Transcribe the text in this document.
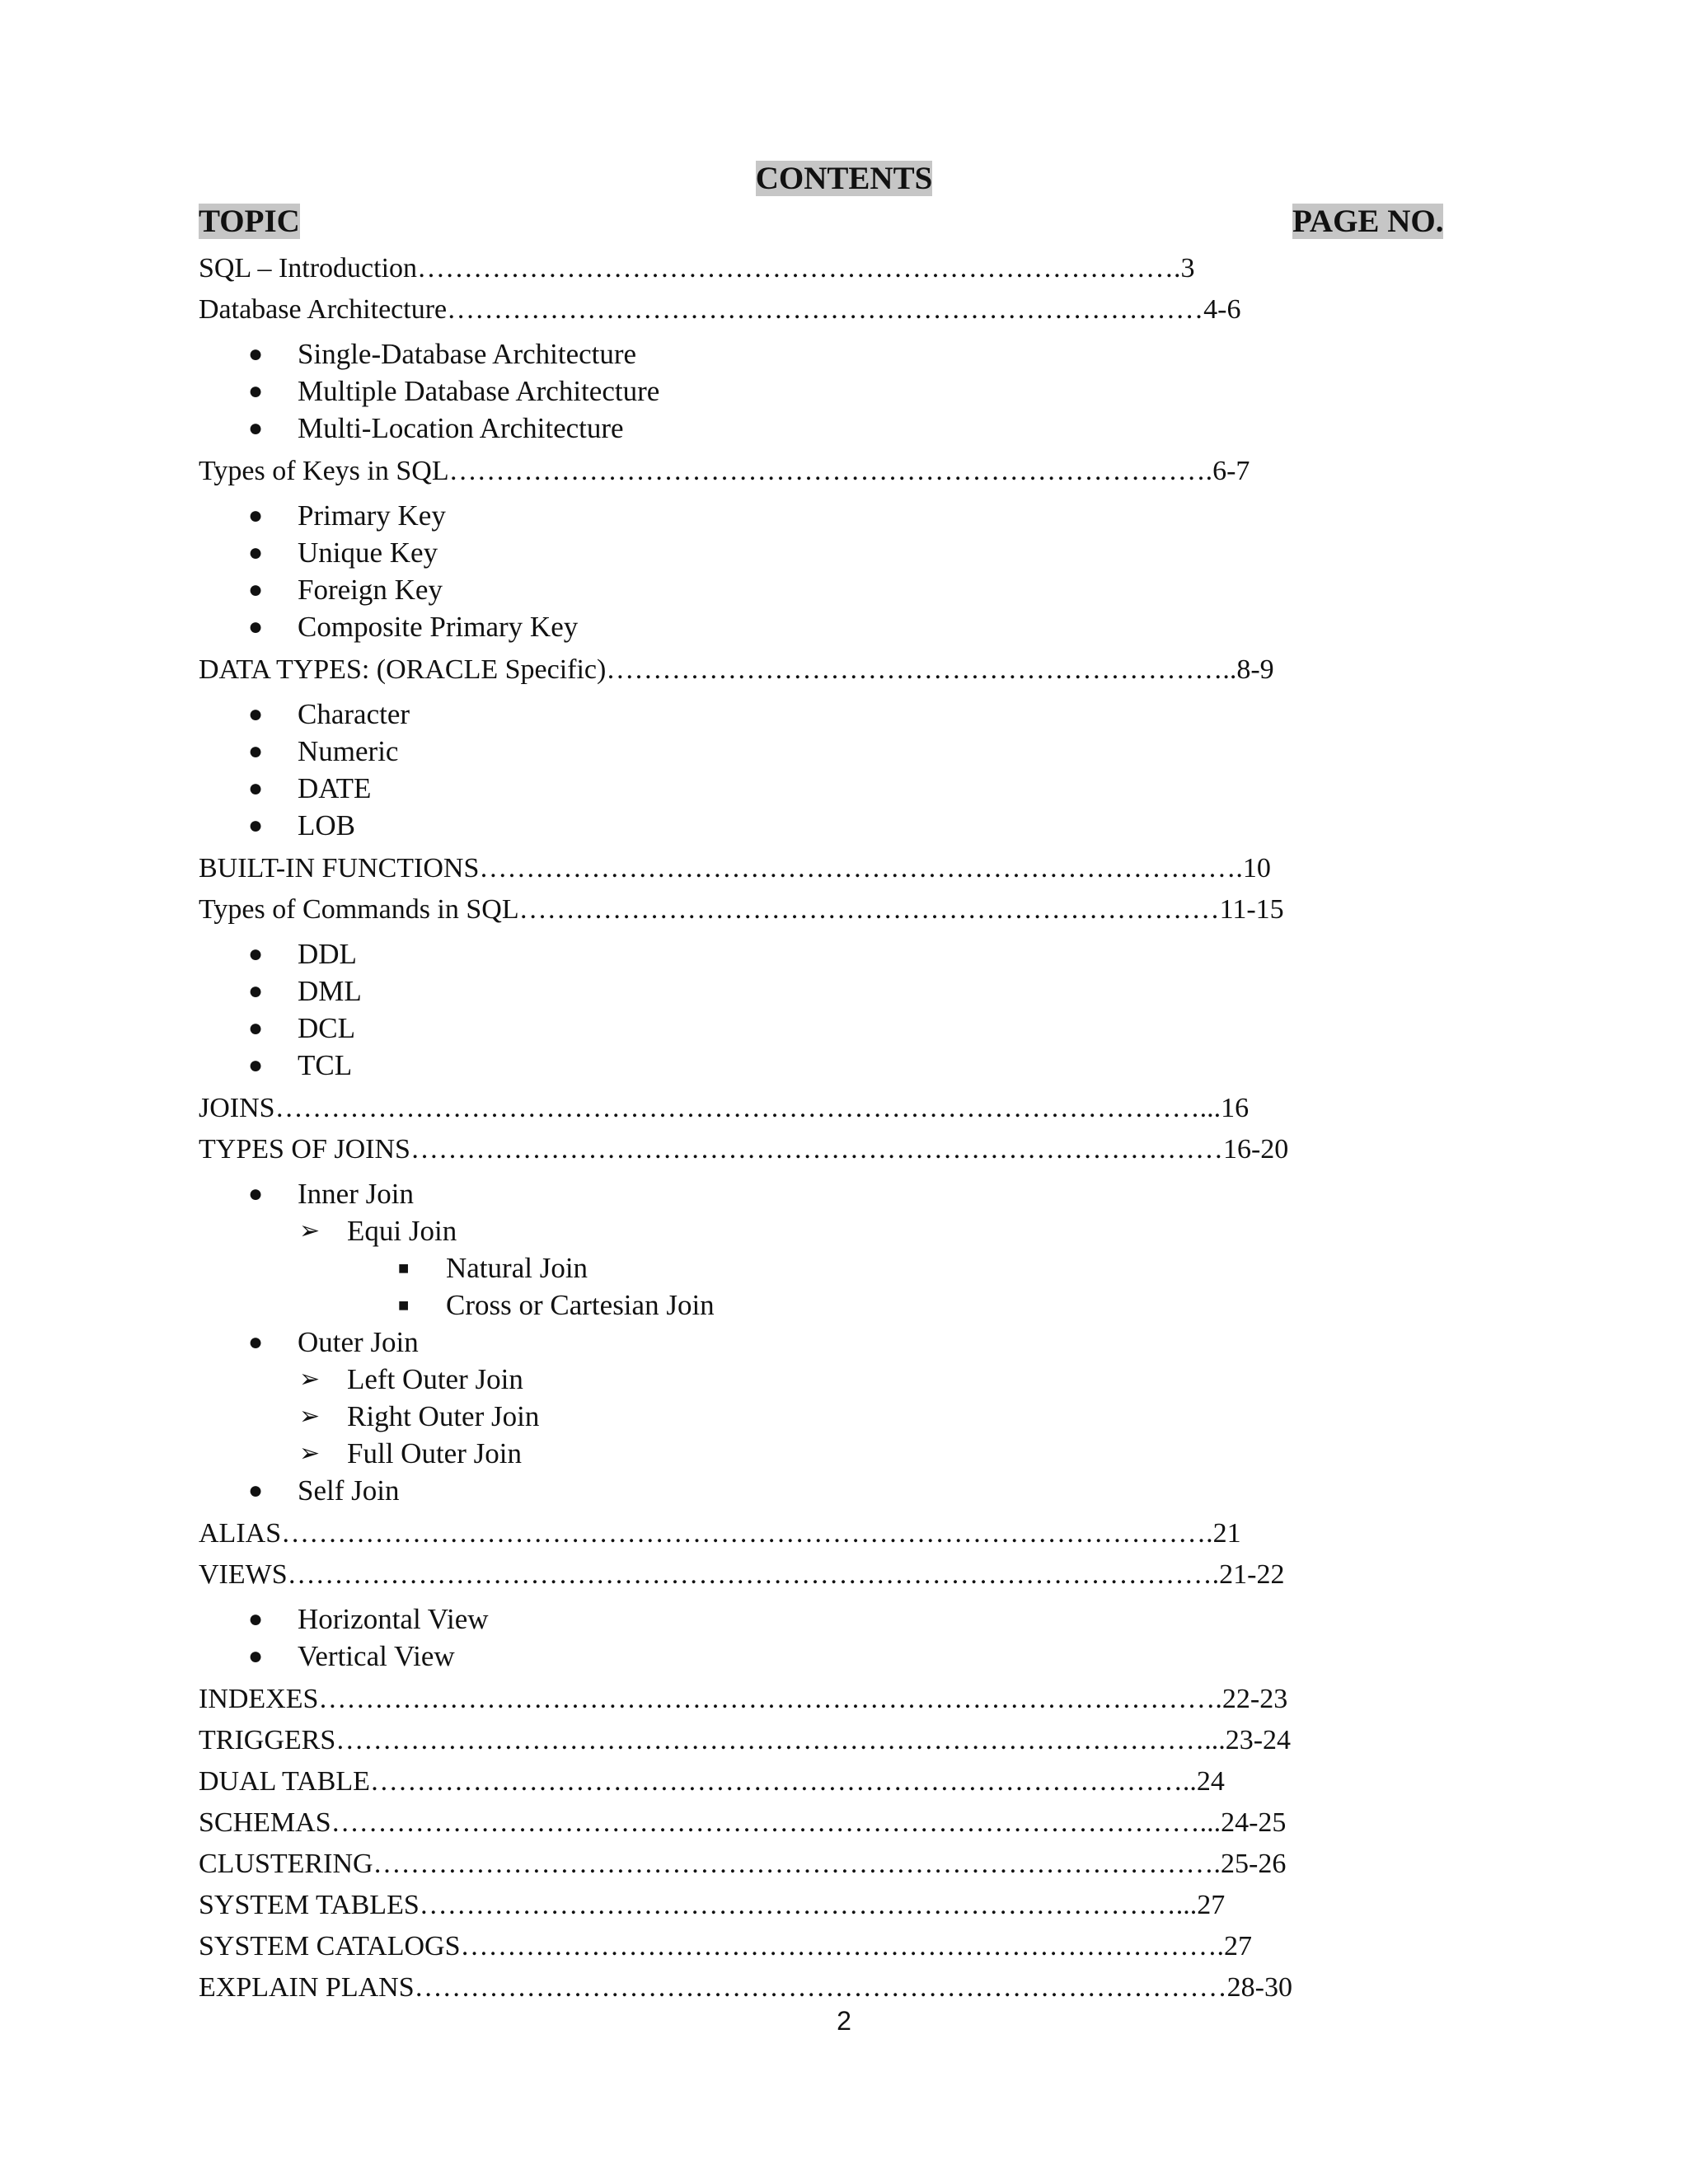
CONTENTS
TOPIC	PAGE NO.
SQL – Introduction……………………………………………………………………….3
Database Architecture………………………………………………………………………4-6
● Single-Database Architecture
● Multiple Database Architecture
● Multi-Location Architecture
Types of Keys in SQL……………………………………………………………………….6-7
● Primary Key
● Unique Key
● Foreign Key
● Composite Primary Key
DATA TYPES: (ORACLE Specific)…………………………………………………………..8-9
● Character
● Numeric
● DATE
● LOB
BUILT-IN FUNCTIONS……………………………………………………………………….10
Types of Commands in SQL…………………………………………………………………11-15
● DDL
● DML
● DCL
● TCL
JOINS………………………………………………………………………………………...16
TYPES OF JOINS……………………………………………………………………………16-20
● Inner Join
➢ Equi Join
■ Natural Join
■ Cross or Cartesian Join
● Outer Join
➢ Left Outer Join
➢ Right Outer Join
➢ Full Outer Join
● Self Join
ALIAS……………………………………………………………………………………….21
VIEWS……………………………………………………………………………………….21-22
● Horizontal View
● Vertical View
INDEXES…………………………………………………………………………………….22-23
TRIGGERS…………………………………………………………………………………...23-24
DUAL TABLE……………………………………………………………………………..24
SCHEMAS…………………………………………………………………………………...24-25
CLUSTERING……………………………………………………………………………….25-26
SYSTEM TABLES………………………………………………………………………...27
SYSTEM CATALOGS……………………………………………………………………….27
EXPLAIN PLANS……………………………………………………………………………28-30
2
